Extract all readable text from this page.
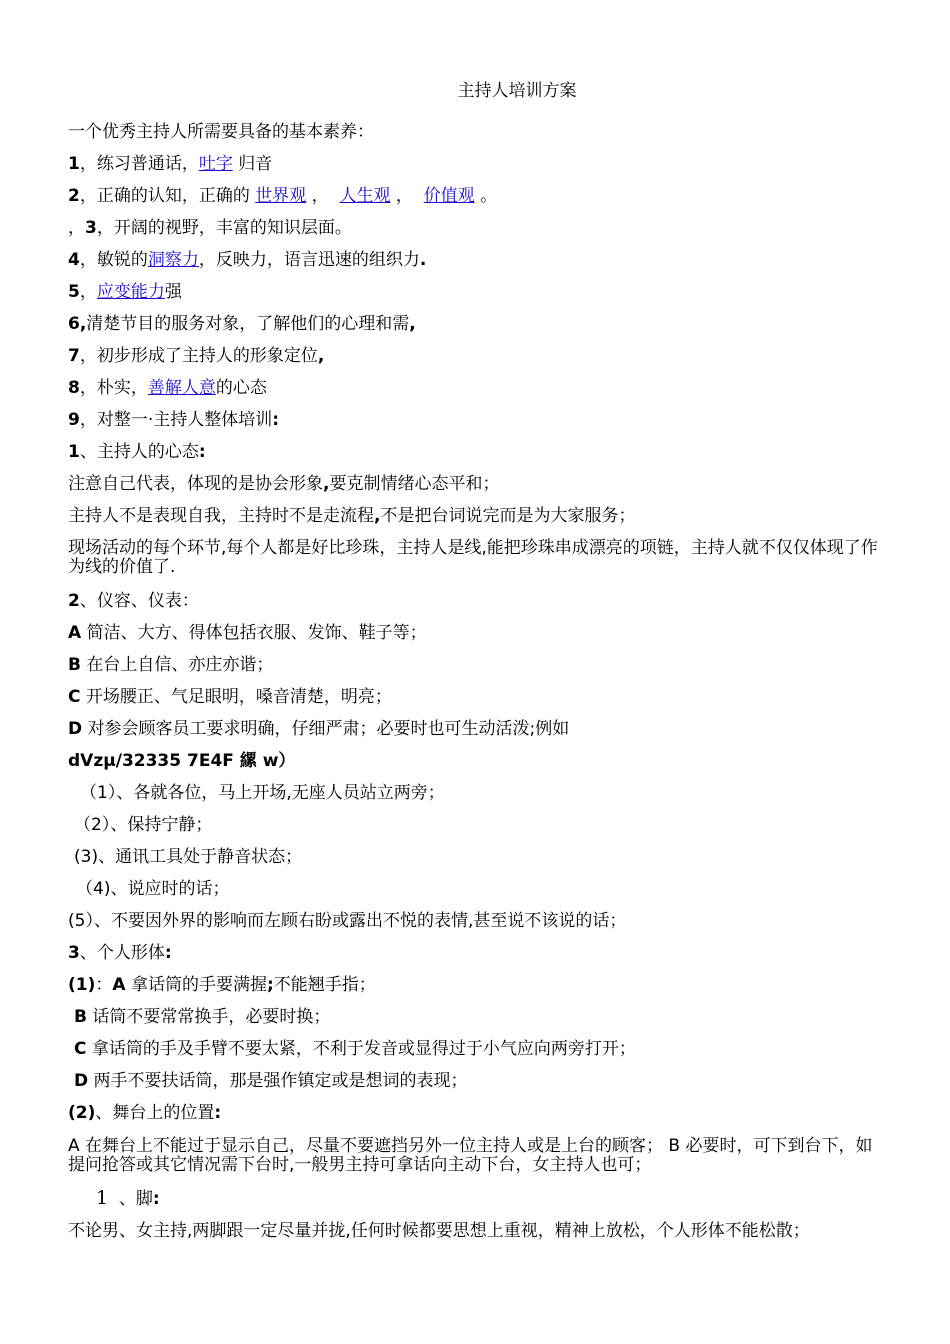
主持人培训方案
一个优秀主持人所需要具备的基本素养：
1，练习普通话，吐字 归音
2，正确的认知，正确的 世界观 ，  人生观 ，  价值观 。
，3，开阔的视野，丰富的知识层面。
4，敏锐的洞察力，反映力，语言迅速的组织力.
5，应变能力强
6,清楚节目的服务对象，了解他们的心理和需,
7，初步形成了主持人的形象定位,
8，朴实，善解人意的心态
9，对整一·主持人整体培训:
1、主持人的心态:
注意自己代表，体现的是协会形象,要克制情绪心态平和；
主持人不是表现自我，主持时不是走流程,不是把台词说完而是为大家服务；
现场活动的每个环节,每个人都是好比珍珠，主持人是线,能把珍珠串成漂亮的项链，主持人就不仅仅体现了作为线的价值了.
2、仪容、仪表：
A 简洁、大方、得体包括衣服、发饰、鞋子等；
B 在台上自信、亦庄亦谐；
C 开场腰正、气足眼明，嗓音清楚，明亮；
D 对参会顾客员工要求明确，仔细严肃；必要时也可生动活泼;例如
dVzμ/32335 7E4F 縲 w）
（1）、各就各位，马上开场,无座人员站立两旁；
（2）、保持宁静；
(3)、通讯工具处于静音状态；
（4)、说应时的话；
(5）、不要因外界的影响而左顾右盼或露出不悦的表情,甚至说不该说的话；
3、个人形体:
(1)：A 拿话筒的手要满握;不能翘手指；
B 话筒不要常常换手，必要时换；
C 拿话筒的手及手臂不要太紧，不利于发音或显得过于小气应向两旁打开；
D 两手不要扶话筒，那是强作镇定或是想词的表现；
(2)、舞台上的位置:
A 在舞台上不能过于显示自己，尽量不要遮挡另外一位主持人或是上台的顾客； B 必要时，可下到台下，如提问抢答或其它情况需下台时,一般男主持可拿话向主动下台，女主持人也可；
1  、脚:
不论男、女主持,两脚跟一定尽量并拢,任何时候都要思想上重视，精神上放松，个人形体不能松散；
